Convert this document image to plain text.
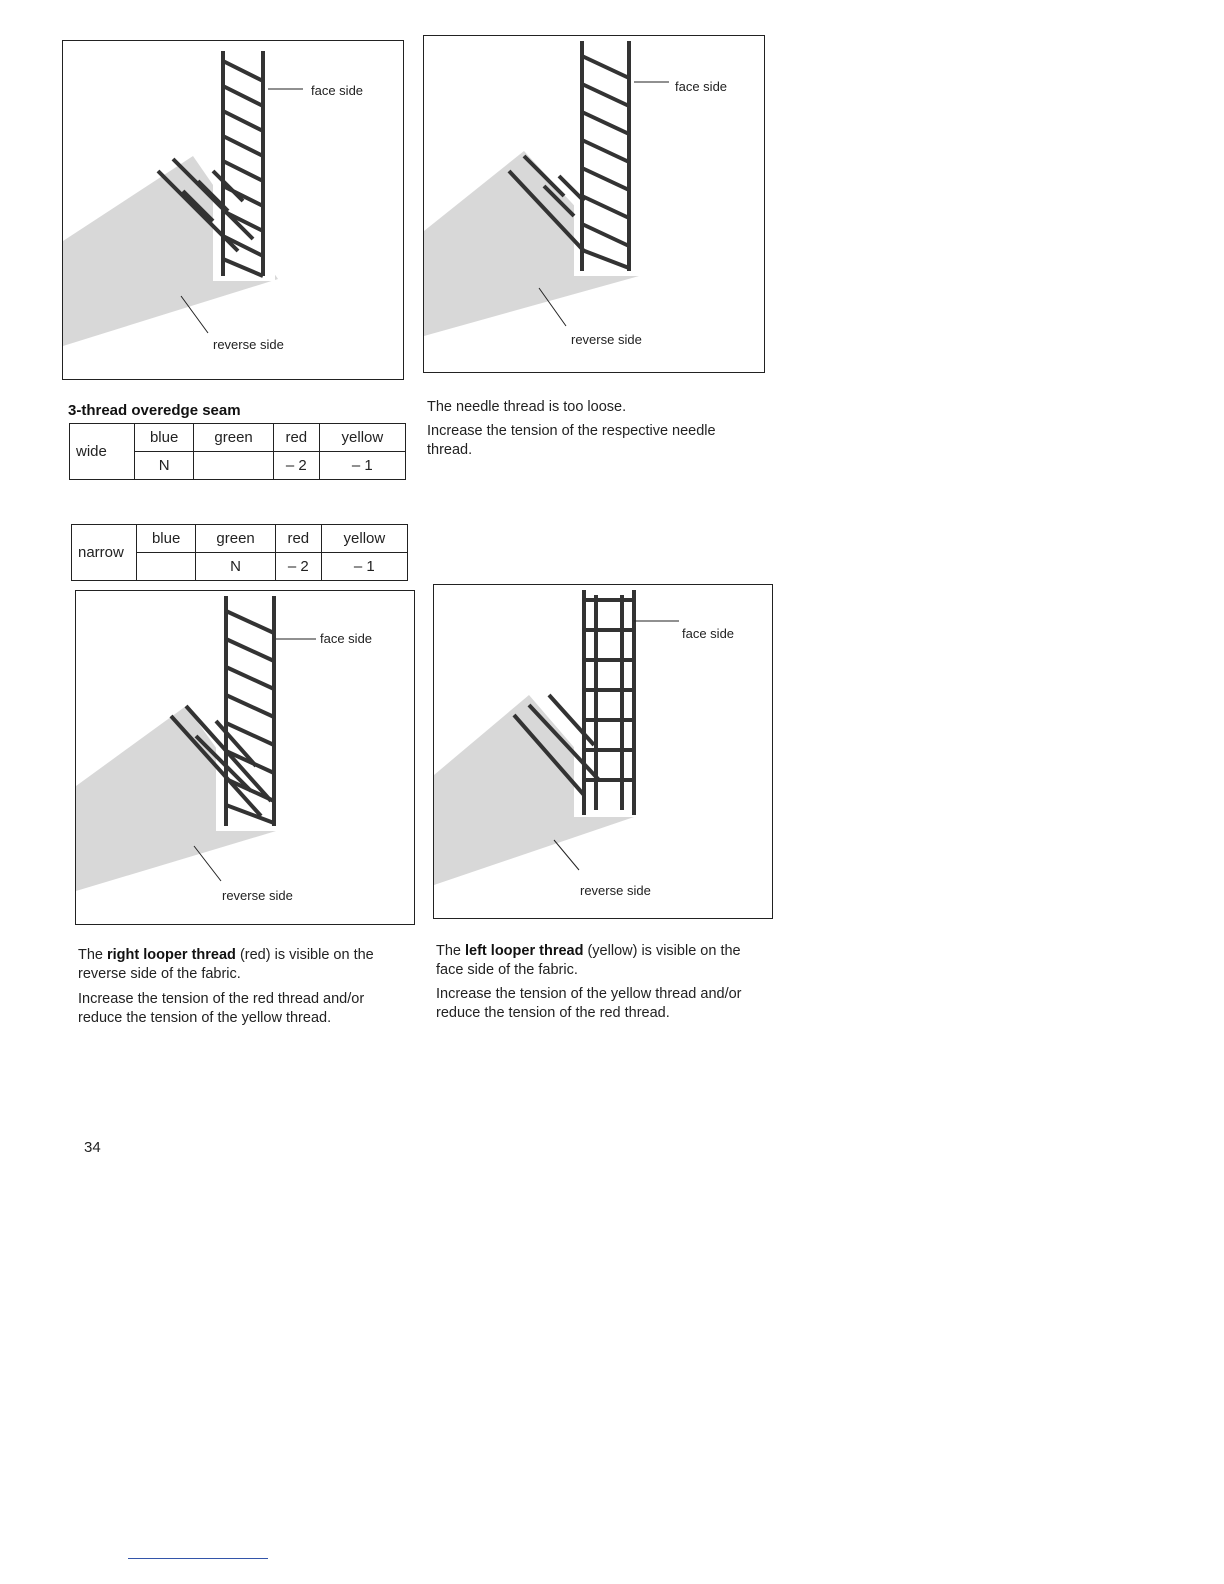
face side
reverse side
face side
reverse side
3-thread overedge seam
wide	blue	green	red	yellow
	N		– 2	– 1

The needle thread is too loose.

Increase the tension of the respective needle thread.

narrow	blue	green	red	yellow
		N	– 2	– 1
face side
reverse side
face side
reverse side

The right looper thread (red) is visible on the reverse side of the fabric.

Increase the tension of the red thread and/or reduce the tension of the yellow thread.

The left looper thread (yellow) is visible on the face side of the fabric.

Increase the tension of the yellow thread and/or reduce the tension of the red thread.

34
